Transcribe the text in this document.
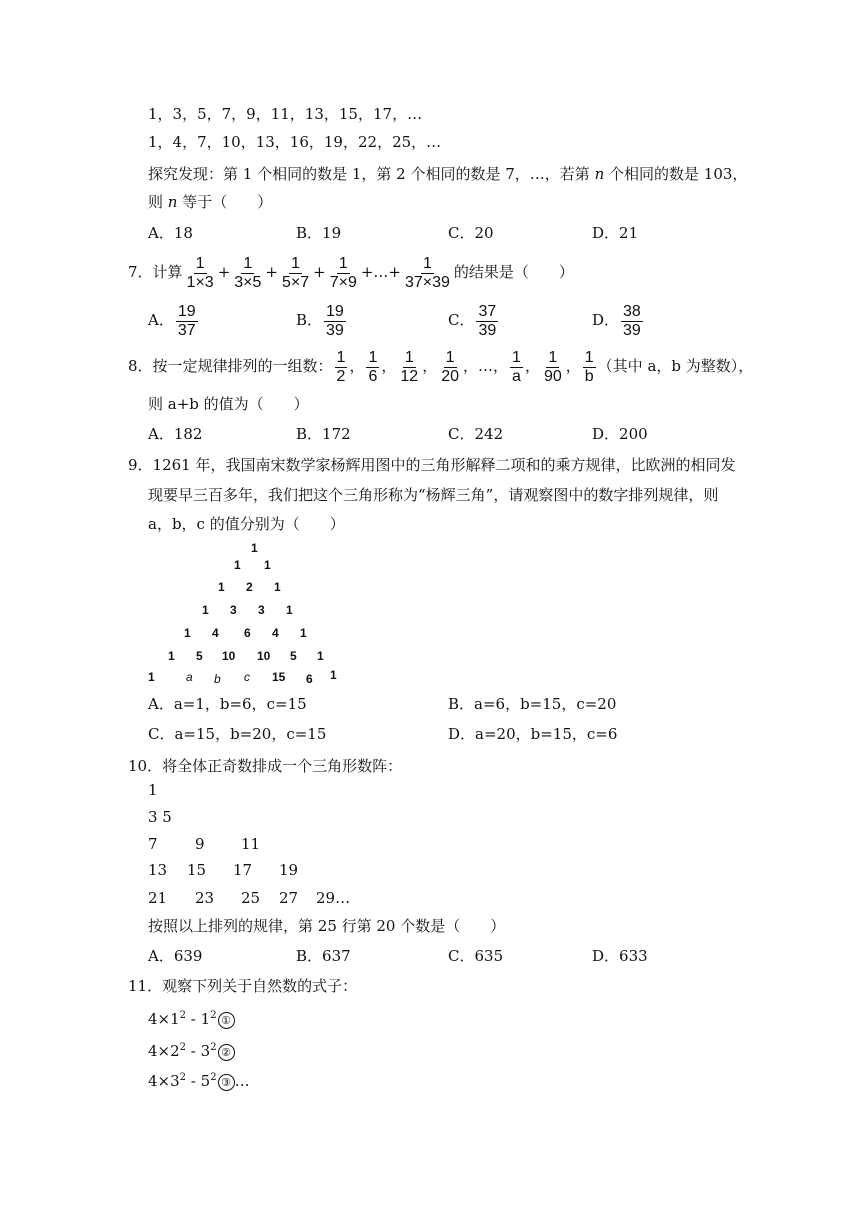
1，3，5，7，9，11，13，15，17，…
1，4，7，10，13，16，19，22，25，…
探究发现：第 1 个相同的数是 1，第 2 个相同的数是 7，…，若第 n 个相同的数是 103，
则 n 等于（　　）
A．18	B．19	C．20	D．21
7．计算 $\frac{1}{1\times 3} + \frac{1}{3\times 5} + \frac{1}{5\times 7} + \frac{1}{7\times 9}$ +…+ $\frac{1}{37\times 39}$ 的结果是（　　）
A． $\frac{19}{37}$	B． $\frac{19}{39}$	C． $\frac{37}{39}$	D． $\frac{38}{39}$
8．按一定规律排列的一组数： $\frac{1}{2}$ ， $\frac{1}{6}$ ， $\frac{1}{12}$ ， $\frac{1}{20}$ ，…， $\frac{1}{a}$ ， $\frac{1}{90}$ ， $\frac{1}{b}$ （其中 a，b 为整数），
则 a+b 的值为（　　）
A．182	B．172	C．242	D．200
9．1261 年，我国南宋数学家杨辉用图中的三角形解释二项和的乘方规律，比欧洲的相同发
现要早三百多年，我们把这个三角形称为“杨辉三角”，请观察图中的数字排列规律，则
a，b，c 的值分别为（　　）
1
1 1
1 2 1
1 3 3 1
1 4 6 4 1
1 5 10 10 5 1
1	a b c 15 6 1
A．a=1，b=6，c=15	B．a=6，b=15，c=20
C．a=15，b=20，c=15	D．a=20，b=15，c=6
10．将全体正奇数排成一个三角形数阵：
1
3 5
7 9 11
13 15 17 19
21 23 25 27 29…
按照以上排列的规律，第 25 行第 20 个数是（　　）
A．639	B．637	C．635	D．633
11．观察下列关于自然数的式子：
$4\times 1^2 - 1^2$ ①
$4\times 2^2 - 3^2$ ②
$4\times 3^2 - 5^2$ ③ …
